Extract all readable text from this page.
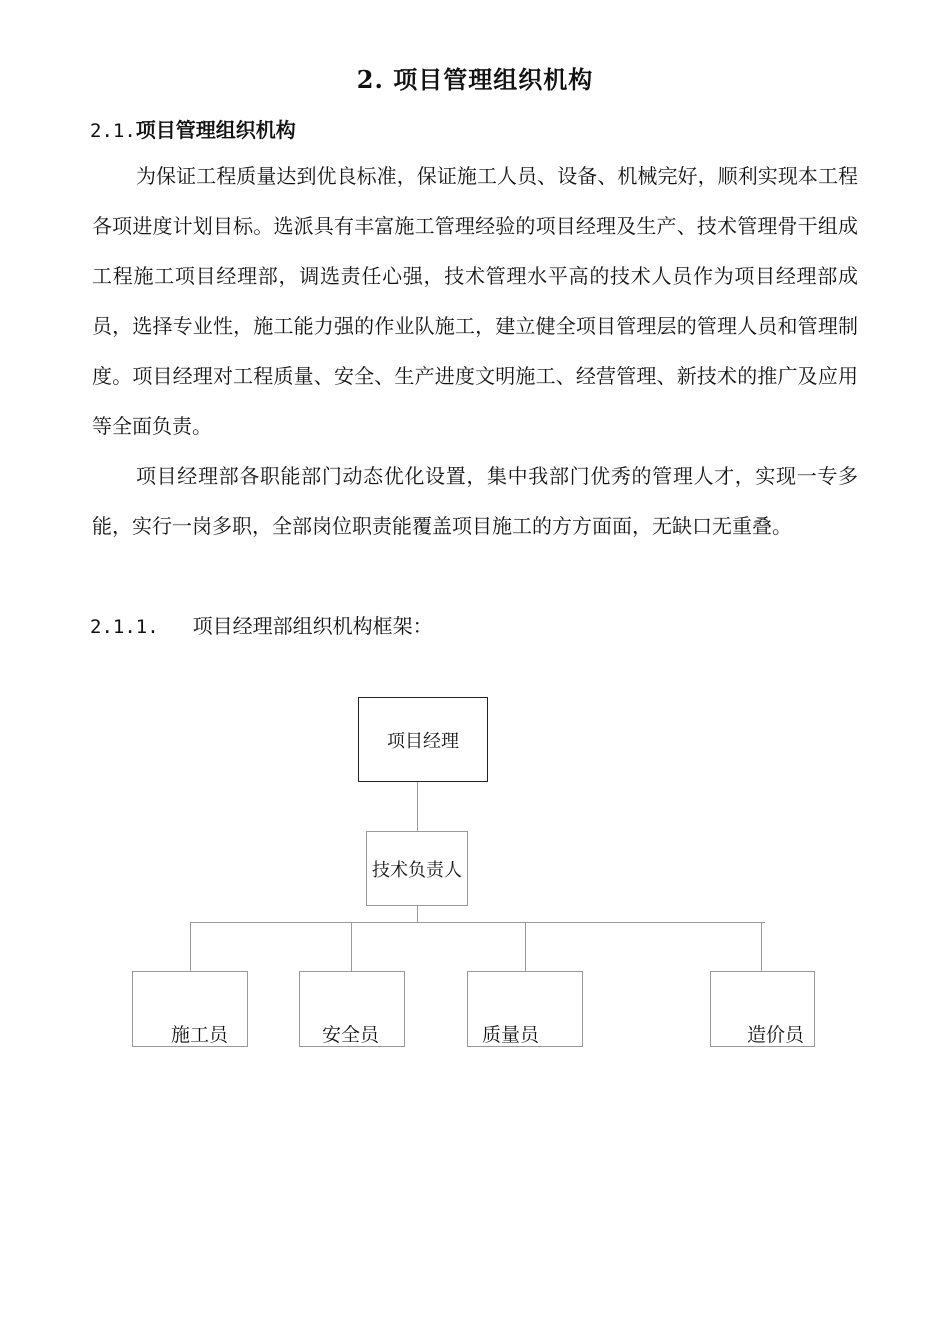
2. 项目管理组织机构
2.1.项目管理组织机构

为保证工程质量达到优良标准，保证施工人员、设备、机械完好，顺利实现本工程各项进度计划目标。选派具有丰富施工管理经验的项目经理及生产、技术管理骨干组成工程施工项目经理部，调选责任心强，技术管理水平高的技术人员作为项目经理部成员，选择专业性，施工能力强的作业队施工，建立健全项目管理层的管理人员和管理制度。项目经理对工程质量、安全、生产进度文明施工、经营管理、新技术的推广及应用等全面负责。

项目经理部各职能部门动态优化设置，集中我部门优秀的管理人才，实现一专多能，实行一岗多职，全部岗位职责能覆盖项目施工的方方面面，无缺口无重叠。

2.1.1. 项目经理部组织机构框架：
项目经理
技术负责人
施工员	安全员	质量员	造价员
